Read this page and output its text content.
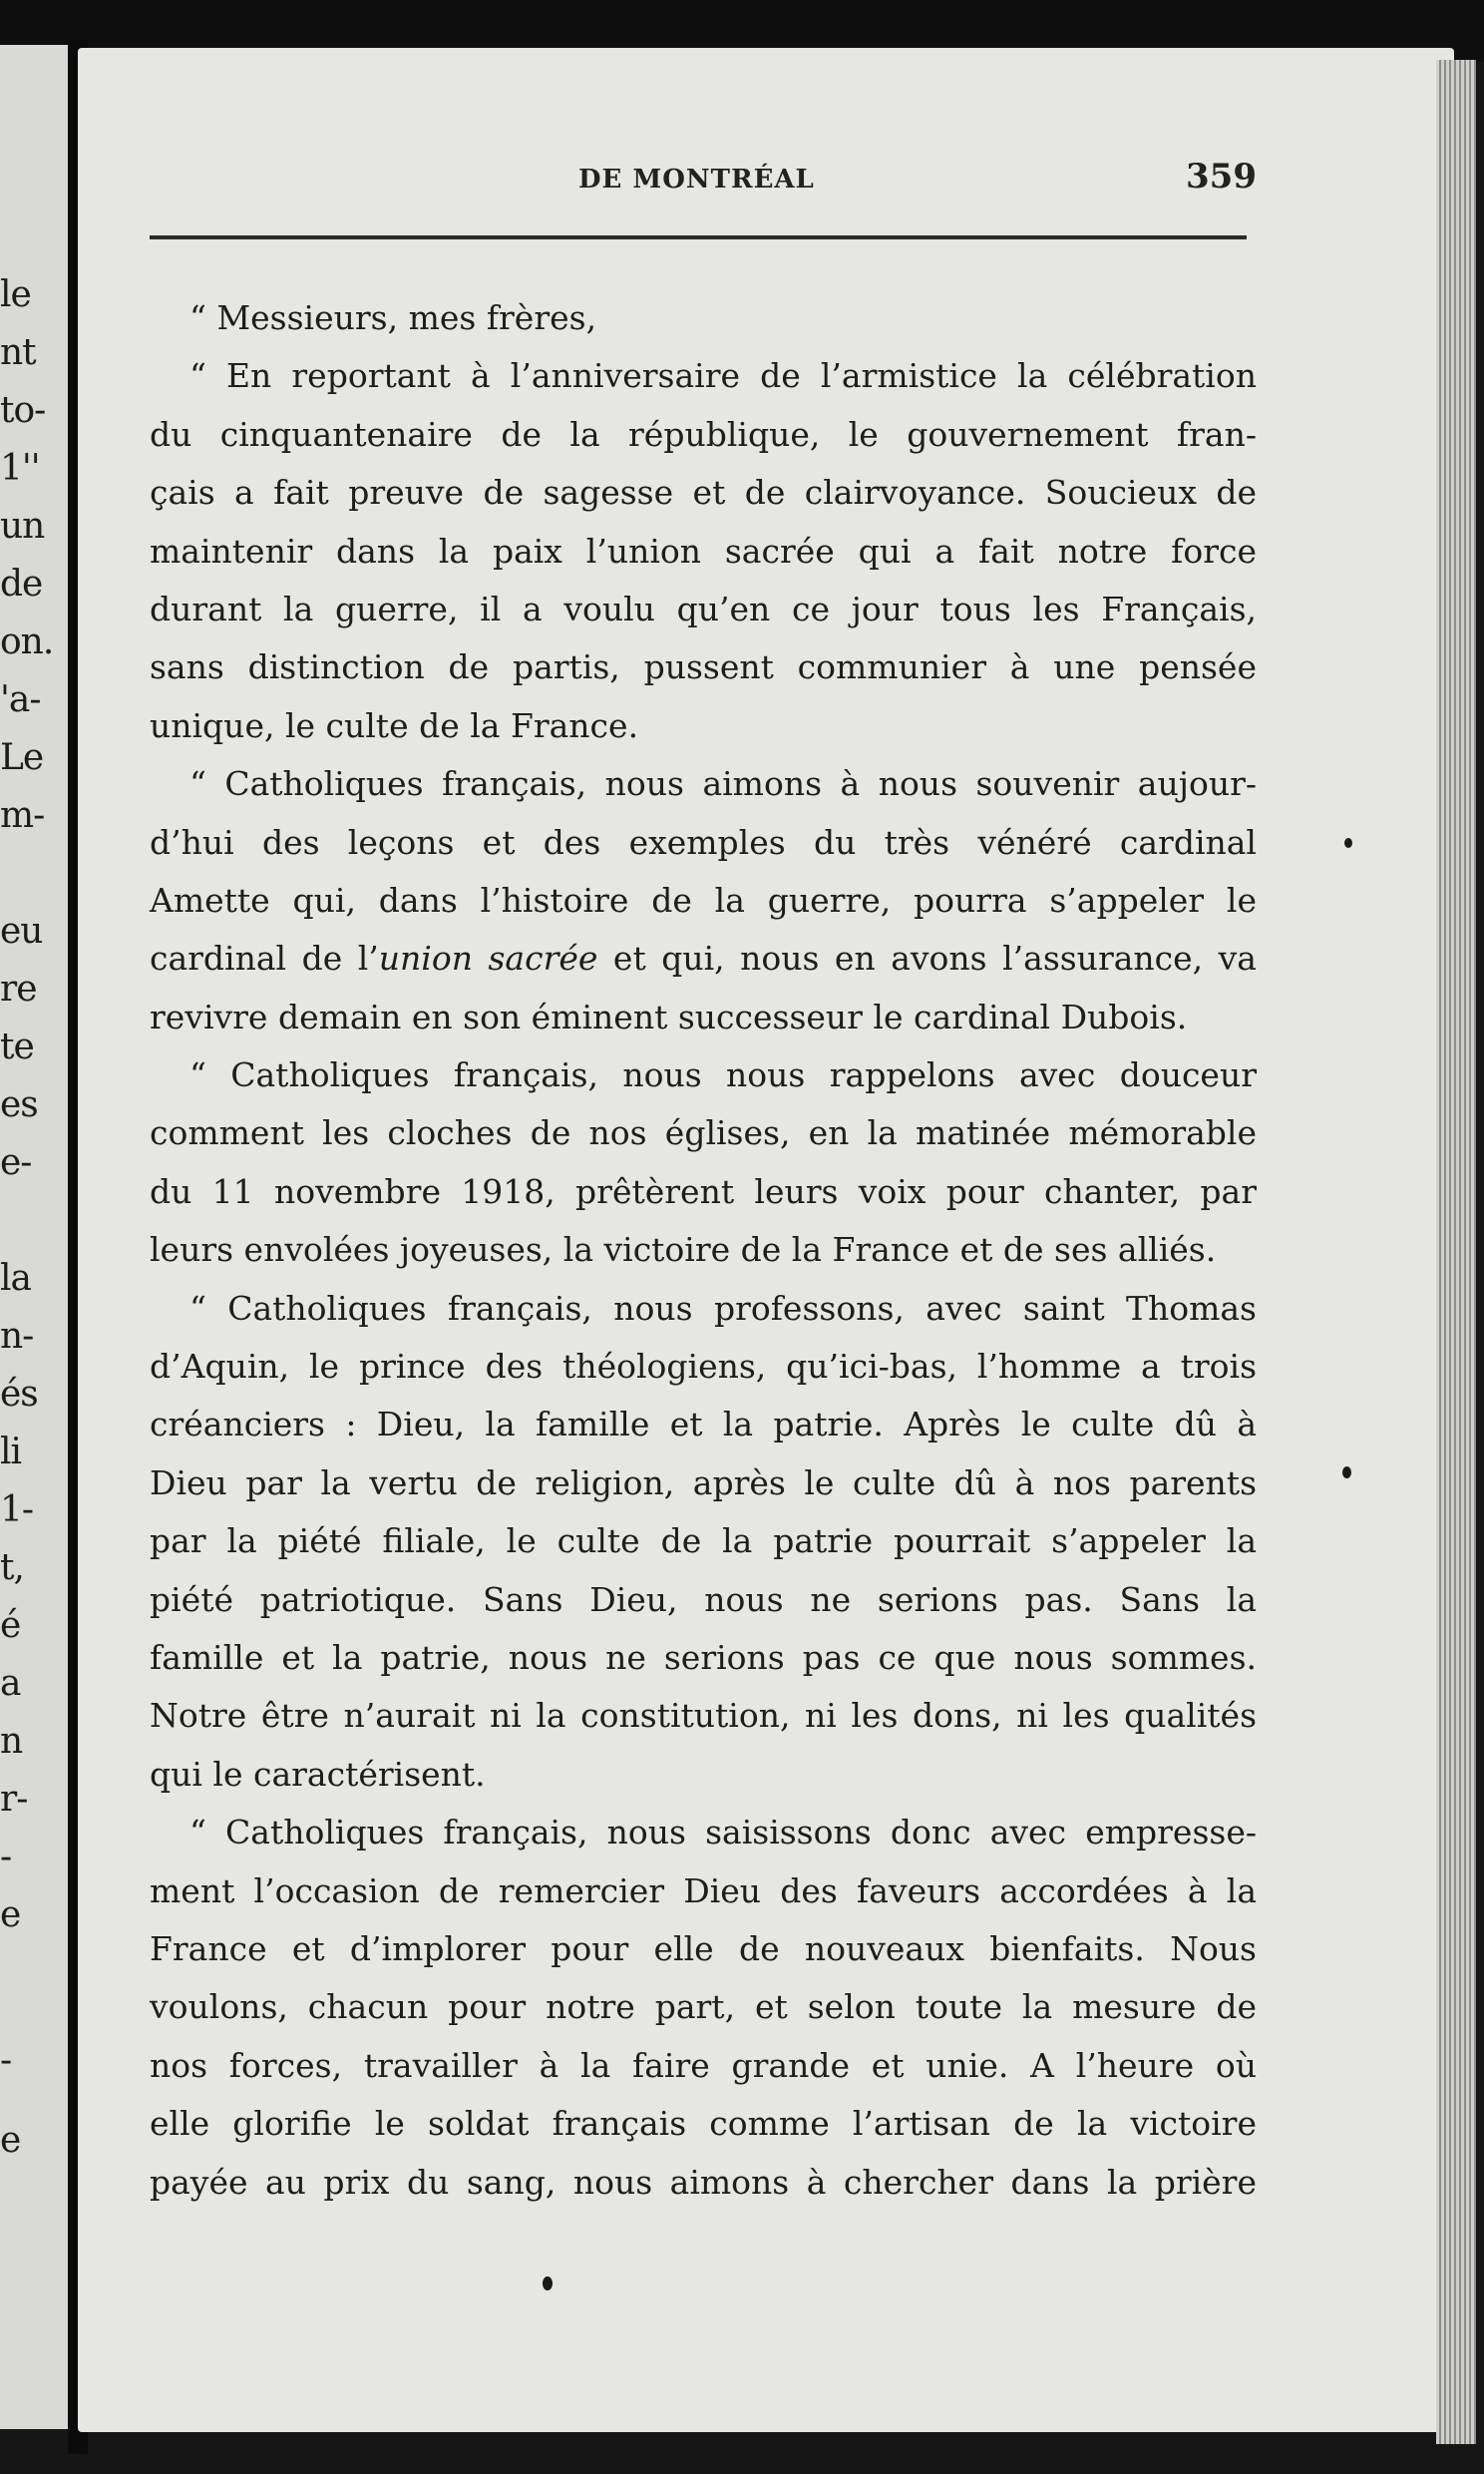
le
nt
to-
1''
un
de
on.
'a-
Le
m-
eu
re
te
es
e-
la
n-
és
li
1-
t,
é
a
n
r-
-
e
-
e
DE MONTRÉAL	359
“ Messieurs, mes frères,
“ En reportant à l’anniversaire de l’armistice la célébration
du cinquantenaire de la république, le gouvernement fran-
çais a fait preuve de sagesse et de clairvoyance. Soucieux de
maintenir dans la paix l’union sacrée qui a fait notre force
durant la guerre, il a voulu qu’en ce jour tous les Français,
sans distinction de partis, pussent communier à une pensée
unique, le culte de la France.
“ Catholiques français, nous aimons à nous souvenir aujour-
d’hui des leçons et des exemples du très vénéré cardinal
Amette qui, dans l’histoire de la guerre, pourra s’appeler le
cardinal de l’union sacrée et qui, nous en avons l’assurance, va
revivre demain en son éminent successeur le cardinal Dubois.
“ Catholiques français, nous nous rappelons avec douceur
comment les cloches de nos églises, en la matinée mémorable
du 11 novembre 1918, prêtèrent leurs voix pour chanter, par
leurs envolées joyeuses, la victoire de la France et de ses alliés.
“ Catholiques français, nous professons, avec saint Thomas
d’Aquin, le prince des théologiens, qu’ici-bas, l’homme a trois
créanciers : Dieu, la famille et la patrie. Après le culte dû à
Dieu par la vertu de religion, après le culte dû à nos parents
par la piété filiale, le culte de la patrie pourrait s’appeler la
piété patriotique. Sans Dieu, nous ne serions pas. Sans la
famille et la patrie, nous ne serions pas ce que nous sommes.
Notre être n’aurait ni la constitution, ni les dons, ni les qualités
qui le caractérisent.
“ Catholiques français, nous saisissons donc avec empresse-
ment l’occasion de remercier Dieu des faveurs accordées à la
France et d’implorer pour elle de nouveaux bienfaits. Nous
voulons, chacun pour notre part, et selon toute la mesure de
nos forces, travailler à la faire grande et unie. A l’heure où
elle glorifie le soldat français comme l’artisan de la victoire
payée au prix du sang, nous aimons à chercher dans la prière
